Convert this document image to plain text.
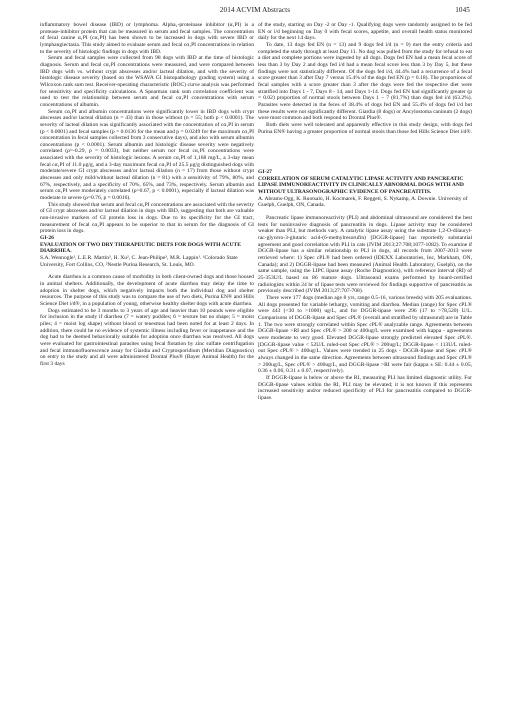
2014 ACVIM Abstracts	1045

inflammatory bowel disease (IBD) or lymphoma. Alpha₁-proteinase inhibitor (α₁PI) is a protease-inhibitor protein that can be measured in serum and fecal samples. The concentration of fecal canine α₁PI (cα₁PI) has been shown to be increased in dogs with severe IBD or lymphangiectasia. This study aimed to evaluate serum and fecal cα₁PI concentrations in relation to the severity of histologic findings in dogs with IBD.

Serum and fecal samples were collected from 98 dogs with IBD at the time of histologic diagnosis. Serum and fecal cα₁PI concentrations were measured, and were compared between IBD dogs with vs. without crypt abscesses and/or lacteal dilation, and with the severity of histologic disease severity (based on the WSAVA GI histopathology grading system) using a Wilcoxon rank sum test. Receiver-operating characteristic (ROC) curve analysis was performed for sensitivity and specificity calculations. A Spearman rank sum correlation coefficient was used to test the relationship between serum and fecal cα₁PI concentrations with serum concentrations of albumin.

Serum cα₁PI and albumin concentrations were significantly lower in IBD dogs with crypt abscesses and/or lacteal dilation (n = 43) than in those without (n = 55; both p < 0.0001). The severity of lacteal dilation was significantly associated with the concentration of cα₁PI in serum (p < 0.0001) and fecal samples (p = 0.0136 for the mean and p = 0.0249 for the maximum cα₁PI concentration in fecal samples collected from 3 consecutive days), and also with serum albumin concentrations (p < 0.0001). Serum albumin and histologic disease severity were negatively correlated (ρ=-0.29, p = 0.0033), but neither serum nor fecal cα₁PI concentrations were associated with the severity of histologic lesions. A serum cα₁PI of 1,168 mg/L, a 3-day mean fecal cα₁PI of 11.0 μg/g, and a 3-day maximum fecal cα₁PI of 25.5 μg/g distinguished dogs with moderate/severe GI crypt abscesses and/or lacteal dilation (n = 17) from those without crypt abscesses and only mild/without lacteal dilation (n = 81) with a sensitivity of 79%, 80%, and 67%, respectively, and a specificity of 70%, 65%, and 73%, respectively. Serum albumin and serum cα₁PI were moderately correlated (ρ=0.67, p < 0.0001), especially if lacteal dilation was moderate to severe (ρ=0.76, p = 0.0016).

This study showed that serum and fecal cα₁PI concentrations are associated with the severity of GI crypt abscesses and/or lacteal dilation in dogs with IBD, suggesting that both are valuable non-invasive markers of GI protein loss in dogs. Due to its specificity for the GI tract, measurement of fecal cα₁PI appears to be superior to that in serum for the diagnosis of GI protein loss in dogs.

GI-26

EVALUATION OF TWO DRY THERAPEUTIC DIETS FOR DOGS WITH ACUTE DIARRHEA.

S.A. Wennogle¹, L.E.R. Martin², H. Xu², C. Jean-Philipe², M.R. Lappin¹. ¹Colorado State University, Fort Collins, CO, ²Nestle Purina Research, St. Louis, MO.

Acute diarrhea is a common cause of morbidity in both client-owned dogs and those housed in animal shelters. Additionally, the development of acute diarrhea may delay the time to adoption in shelter dogs, which negatively impacts both the individual dog and shelter resources. The purpose of this study was to compare the use of two diets, Purina EN® and Hills Science Diet i/d®, in a population of young, otherwise healthy shelter dogs with acute diarrhea.

Dogs estimated to be 3 months to 3 years of age and heavier than 10 pounds were eligible for inclusion in the study if diarrhea (7 = watery puddles; 6 = texture but no shape; 5 = moist piles; 4 = moist log shape) without blood or tenesmus had been noted for at least 2 days. In addition, there could be no evidence of systemic illness including fever or inappetance and the dog had to be deemed behaviorally suitable for adoption once diarrhea was resolved. All dogs were evaluated for gastrointestinal parasites using fecal flotation by zinc sulfate centrifugation and fecal immunofluorescence assay for Giardia and Cryptosporidium (Meridian Diagnostics) on entry to the study and all were administered Drontal Plus® (Bayer Animal Health) for the first 3 days

of the study, starting on Day -2 or Day -1. Qualifying dogs were randomly assigned to be fed EN or i/d beginning on Day 0 with fecal scores, appetite, and overall health status monitored daily for the next 14 days.

To date, 13 dogs fed EN (n = 13) and 9 dogs fed i/d (n = 9) met the entry criteria and completed the study through at least Day 11. No dog was pulled from the study for refusal to eat a diet and complete portions were ingested by all dogs. Dogs fed EN had a mean fecal score of less than 3 by Day 2 and dogs fed i/d had a mean fecal score less than 3 by Day 5, but these findings were not statistically different. Of the dogs fed i/d, 44.4% had a recurrence of a fecal score greater than 3 after Day 7 versus 15.4% of the dogs fed EN (p = 0.18). The proportions of fecal samples with a score greater than 3 after the dogs were fed the respective diet were stratified into Days 1 - 7, Days 8 - 14, and Days 1-14. Dogs fed EN had significantly greater (p = 0.02) proportion of normal stools between Days 1 − 7 (81.7%) than dogs fed i/d (63.2%). Parasites were detected in the feces of 38.4% of dogs fed EN and 55.4% of dogs fed i/d but these results were not significantly different. Giardia (8 dogs) or Ancylostoma caninum (2 dogs) were most common and both respond to Drontal Plus®.

Both diets were well tolerated and apparently effective in this study design, with dogs fed Purina EN® having a greater proportion of normal stools than those fed Hills Science Diet i/d®.

GI-27

CORRELATION OF SERUM CATALYTIC LIPASE ACTIVITY AND PANCREATIC LIPASE IMMUNOREACTIVITY IN CLINICALLY ABNORMAL DOGS WITH AND WITHOUT ULTRASONOGRAPHIC EVIDENCE OF PANCREATITIS.

A. Abrams-Ogg, K. Ruotsalo, H. Kocmarek, F. Reggeti, S. Nykamp, A. Downie. University of Guelph, Guelph, ON, Canada.

Pancreatic lipase immunoreactivity (PLI) and abdominal ultrasound are considered the best tests for noninvasive diagnosis of pancreatitis in dogs. Lipase activity may be considered weaker than PLI, but methods vary. A catalytic lipase assay using the substrate 1,2-O-dilauryl-rac-glycero-3-glutaric acid-(6-methylresorufin) [DGGR-lipase] has reportedly substantial agreement and good correlation with PLI in cats (JVIM 2013;27:708;1077-1082). To examine if DGGR-lipase has a similar relationship to PLI in dogs, all records from 2007-2013 were retrieved where: 1) Spec cPL® had been ordered (IDEXX Laboratories, Inc, Markham, ON, Canada); and 2) DGGR-lipase had been measured (Animal Health Laboratory, Guelph), on the same sample, using the LIPC lipase assay (Roche Diagnostics), with reference interval (RI) of 25-353U/L based on 86 mature dogs. Ultrasound exams performed by board-certified radiologists within 24 hr of lipase tests were reviewed for findings supportive of pancreatitis as previously described (JVIM 2013;27:707-708).

There were 177 dogs (median age 8 yrs, range 0.5-16, various breeds) with 205 evaluations. All dogs presented for variable lethargy, vomiting and diarrhea. Median (range) for Spec cPL® were 443 (<30 to >1000) ug/L, and for DGGR-lipase were 296 (17 to >78,520) U/L. Comparisons of DGGR-lipase and Spec cPL® (overall and stratified by ultrasound) are in Table 1. The two were strongly correlated within Spec cPL® analyzable range. Agreements between DGGR-lipase >RI and Spec cPL® > 200 or 400ug/L were examined with kappa - agreements were moderate to very good. Elevated DGGR-lipase strongly predicted elevated Spec cPL®. [DGGR-lipase value < 52U/L ruled-out Spec cPL® > 200ug/L; DGGR-lipase < 113U/L ruled-out Spec cPL® > 400ug/L. Values were trended in 25 dogs - DGGR-lipase and Spec cPL® always changed in the same direction. Agreements between ultrasound findings and Spec cPL® > 200ug/L, Spec cPL® > 400ug/L, and DGGR-lipase >RI were fair (kappa ± SE: 0.44 ± 0.05, 0.36 ± 0.06, 0.31 ± 0.07, respectively).

If DGGR-lipase is below or above the RI, measuring PLI has limited diagnostic utility. For DGGR-lipase values within the RI, PLI may be elevated; it is not known if this represents increased sensitivity and/or reduced specificity of PLI for pancreatitis compared to DGGR-lipase.
